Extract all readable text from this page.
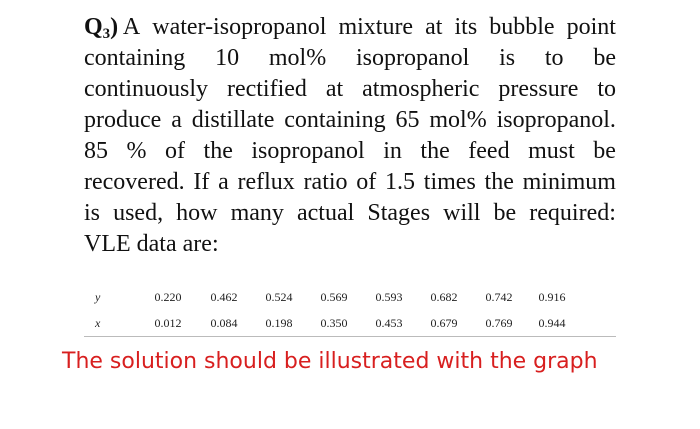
$Q_3$) A water-isopropanol mixture at its bubble point
containing 10 mol% isopropanol is to be
continuously rectified at atmospheric pressure to
produce a distillate containing 65 mol% isopropanol.
85 % of the isopropanol in the feed must be
recovered. If a reflux ratio of 1.5 times the minimum
is used, how many actual Stages will be required:
VLE
data
are:
y	0.220	0.462	0.524	0.569	0.593	0.682	0.742	0.916
x	0.012	0.084	0.198	0.350	0.453	0.679	0.769	0.944
The solution should be illustrated with the graph
